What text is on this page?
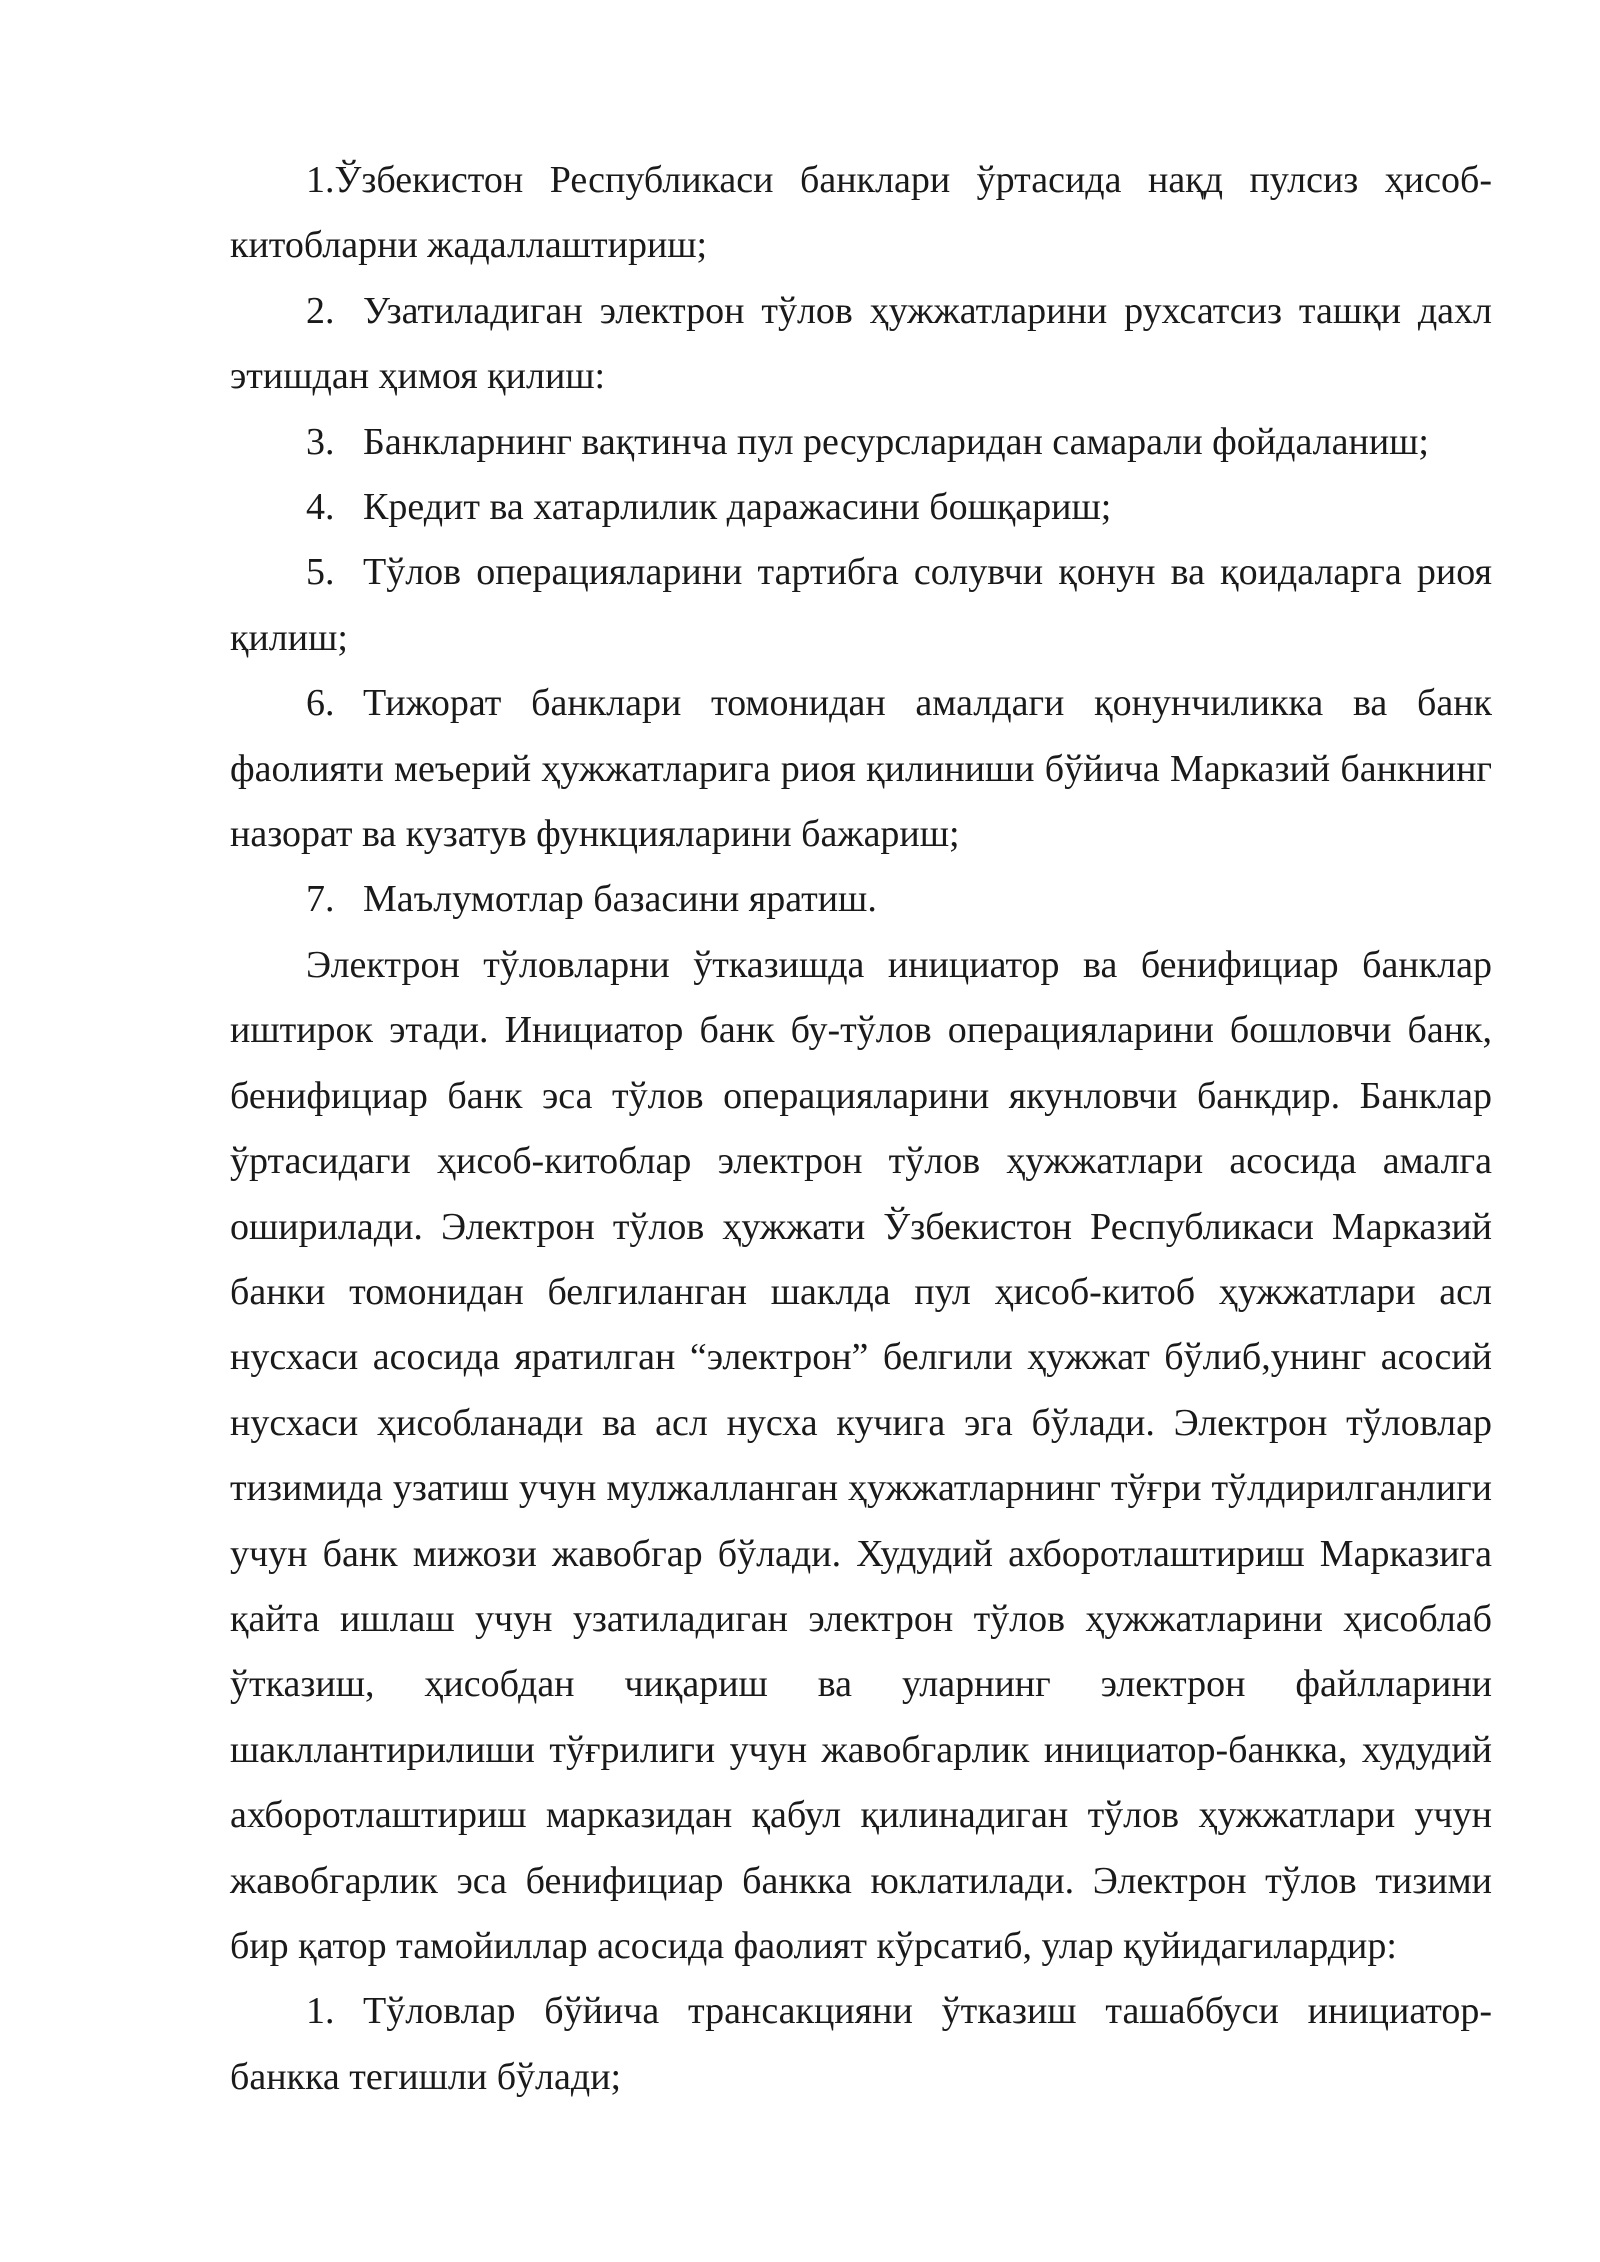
1.Ўзбекистон Республикаси банклари ўртасида нақд пулсиз ҳисоб-китобларни жадаллаштириш;

2. Узатиладиган электрон тўлов ҳужжатларини рухсатсиз ташқи дахл этишдан ҳимоя қилиш:

3. Банкларнинг вақтинча пул ресурсларидан самарали фойдаланиш;

4. Кредит ва хатарлилик даражасини бошқариш;

5. Тўлов операцияларини тартибга солувчи қонун ва қоидаларга риоя қилиш;

6. Тижорат банклари томонидан амалдаги қонунчиликка ва банк фаолияти меъерий ҳужжатларига риоя қилиниши бўйича Марказий банкнинг назорат ва кузатув функцияларини бажариш;

7. Маълумотлар базасини яратиш.

Электрон тўловларни ўтказишда инициатор ва бенифициар банклар иштирок этади. Инициатор банк бу-тўлов операцияларини бошловчи банк, бенифициар банк эса тўлов операцияларини якунловчи банкдир. Банклар ўртасидаги ҳисоб-китоблар электрон тўлов ҳужжатлари асосида амалга оширилади. Электрон тўлов ҳужжати Ўзбекистон Республикаси Марказий банки томонидан белгиланган шаклда пул ҳисоб-китоб ҳужжатлари асл нусхаси асосида яратилган “электрон” белгили ҳужжат бўлиб,унинг асосий нусхаси ҳисобланади ва асл нусха кучига эга бўлади. Электрон тўловлар тизимида узатиш учун мулжалланган ҳужжатларнинг тўғри тўлдирилганлиги учун банк мижози жавобгар бўлади. Худудий ахборотлаштириш Марказига қайта ишлаш учун узатиладиган электрон тўлов ҳужжатларини ҳисоблаб ўтказиш, ҳисобдан чиқариш ва уларнинг электрон файлларини шакллантирилиши тўғрилиги учун жавобгарлик инициатор-банкка, худудий ахборотлаштириш марказидан қабул қилинадиган тўлов ҳужжатлари учун жавобгарлик эса бенифициар банкка юклатилади. Электрон тўлов тизими бир қатор тамойиллар асосида фаолият кўрсатиб, улар қуйидагилардир:

1. Тўловлар бўйича трансакцияни ўтказиш ташаббуси инициатор-банкка тегишли бўлади;
